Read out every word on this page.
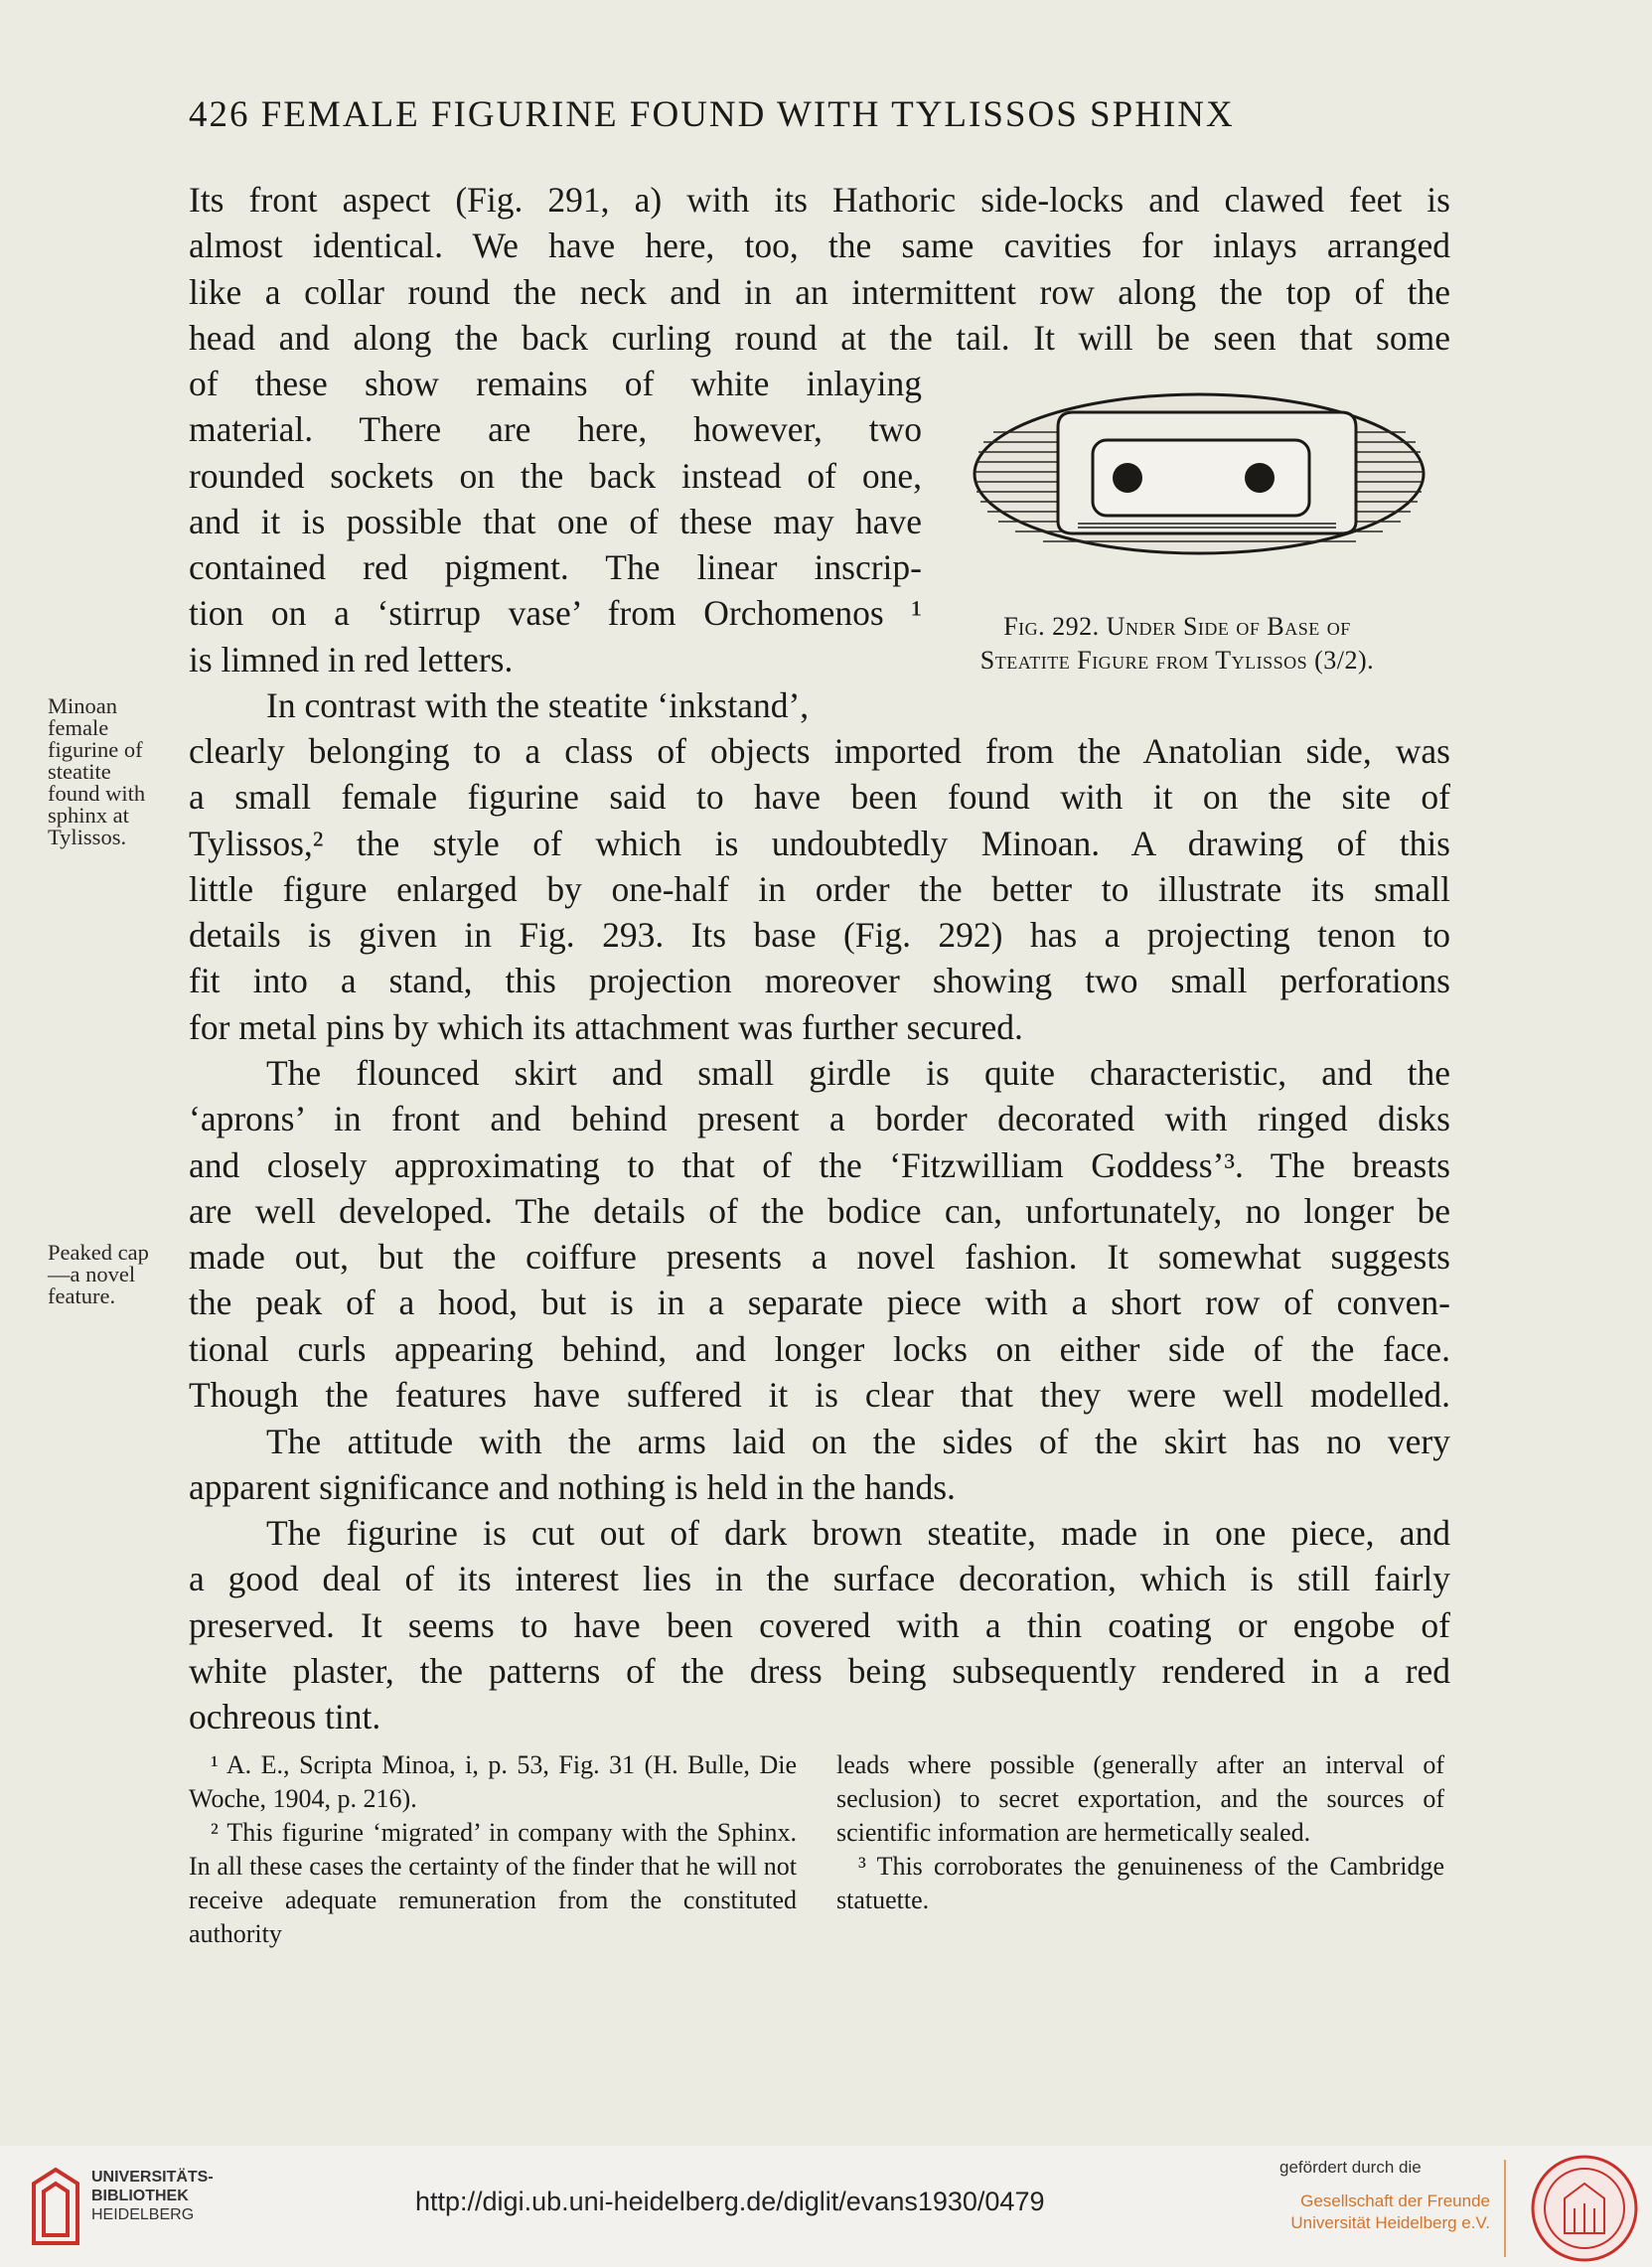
426 FEMALE FIGURINE FOUND WITH TYLISSOS SPHINX
Its front aspect (Fig. 291, a) with its Hathoric side-locks and clawed feet is
almost identical. We have here, too, the same cavities for inlays arranged
like a collar round the neck and in an intermittent row along the top of the
head and along the back curling round at the tail. It will be seen that some
of these show remains of white inlaying
material. There are here, however, two
rounded sockets on the back instead of one,
and it is possible that one of these may have
contained red pigment. The linear inscrip-
tion on a ‘stirrup vase’ from Orchomenos ¹
is limned in red letters.
In contrast with the steatite ‘inkstand’,
clearly belonging to a class of objects imported from the Anatolian side, was
a small female figurine said to have been found with it on the site of
Tylissos,² the style of which is undoubtedly Minoan. A drawing of this
little figure enlarged by one-half in order the better to illustrate its small
details is given in Fig. 293. Its base (Fig. 292) has a projecting tenon to
fit into a stand, this projection moreover showing two small perforations
for metal pins by which its attachment was further secured.
The flounced skirt and small girdle is quite characteristic, and the
‘aprons’ in front and behind present a border decorated with ringed disks
and closely approximating to that of the ‘Fitzwilliam Goddess’³. The breasts
are well developed. The details of the bodice can, unfortunately, no longer be
made out, but the coiffure presents a novel fashion. It somewhat suggests
the peak of a hood, but is in a separate piece with a short row of conven-
tional curls appearing behind, and longer locks on either side of the face.
Though the features have suffered it is clear that they were well modelled.
The attitude with the arms laid on the sides of the skirt has no very
apparent significance and nothing is held in the hands.
The figurine is cut out of dark brown steatite, made in one piece, and
a good deal of its interest lies in the surface decoration, which is still fairly
preserved. It seems to have been covered with a thin coating or engobe of
white plaster, the patterns of the dress being subsequently rendered in a red
ochreous tint.
Minoan female figurine of steatite found with sphinx at Tylissos.
Peaked cap—a novel feature.
Fig. 292. Under Side of Base of
Steatite Figure from Tylissos (3/2).
¹ A. E., Scripta Minoa, i, p. 53, Fig. 31 (H. Bulle, Die Woche, 1904, p. 216).
² This figurine ‘migrated’ in company with the Sphinx. In all these cases the certainty of the finder that he will not receive adequate remuneration from the constituted authority
leads where possible (generally after an interval of seclusion) to secret exportation, and the sources of scientific information are hermetically sealed.
³ This corroborates the genuineness of the Cambridge statuette.
UNIVERSITÄTS-
BIBLIOTHEK
HEIDELBERG	http://digi.ub.uni-heidelberg.de/diglit/evans1930/0479
gefördert durch die
Gesellschaft der Freunde
Universität Heidelberg e.V.
